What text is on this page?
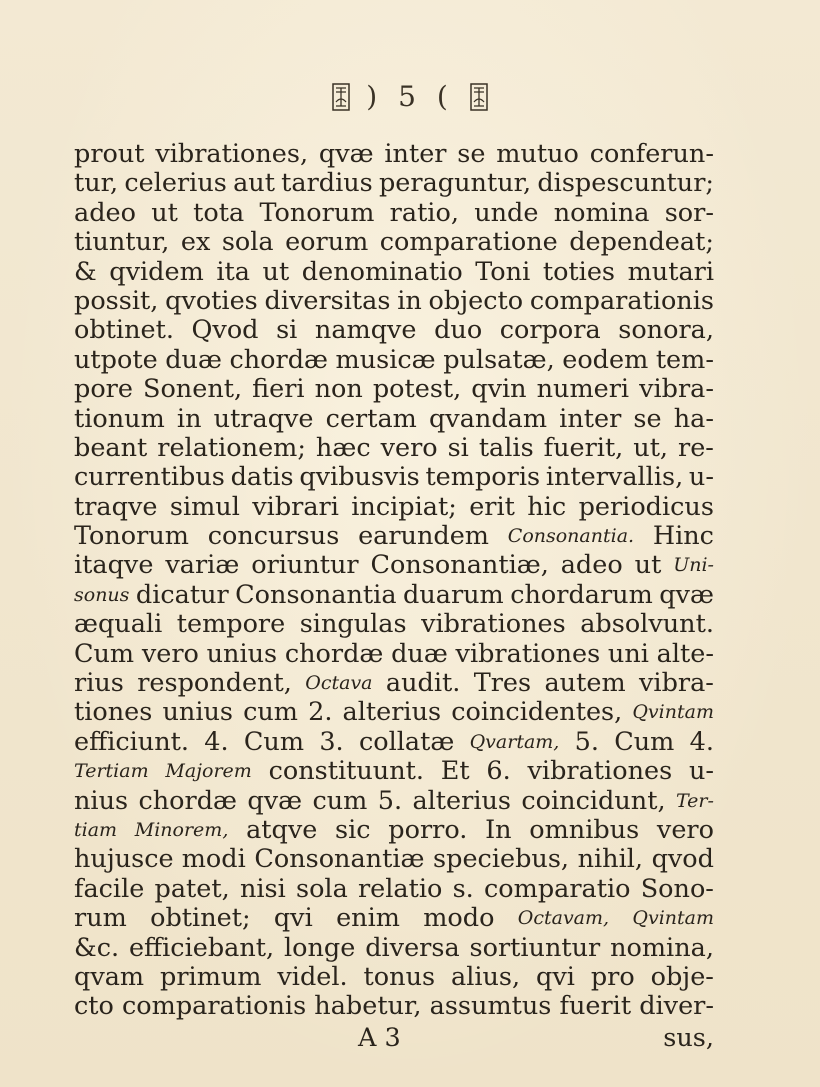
) 5 (
prout vibrationes, qvæ inter se mutuo conferun-
tur, celerius aut tardius peraguntur, dispescuntur;
adeo ut tota Tonorum ratio, unde nomina sor-
tiuntur, ex sola eorum comparatione dependeat;
& qvidem ita ut denominatio Toni toties mutari
possit, qvoties diversitas in objecto comparationis
obtinet. Qvod si namqve duo corpora sonora,
utpote duæ chordæ musicæ pulsatæ, eodem tem-
pore Sonent, fieri non potest, qvin numeri vibra-
tionum in utraqve certam qvandam inter se ha-
beant relationem; hæc vero si talis fuerit, ut, re-
currentibus datis qvibusvis temporis intervallis, u-
traqve simul vibrari incipiat; erit hic periodicus
Tonorum concursus earundem Consonantia. Hinc
itaqve variæ oriuntur Consonantiæ, adeo ut Uni-
sonus dicatur Consonantia duarum chordarum qvæ
æquali tempore singulas vibrationes absolvunt.
Cum vero unius chordæ duæ vibrationes uni alte-
rius respondent, Octava audit. Tres autem vibra-
tiones unius cum 2. alterius coincidentes, Qvintam
efficiunt. 4. Cum 3. collatæ Qvartam, 5. Cum 4.
Tertiam Majorem constituunt. Et 6. vibrationes u-
nius chordæ qvæ cum 5. alterius coincidunt, Ter-
tiam Minorem, atqve sic porro. In omnibus vero
hujusce modi Consonantiæ speciebus, nihil, qvod
facile patet, nisi sola relatio s. comparatio Sono-
rum obtinet; qvi enim modo Octavam, Qvintam
&c. efficiebant, longe diversa sortiuntur nomina,
qvam primum videl. tonus alius, qvi pro obje-
cto comparationis habetur, assumtus fuerit diver-
A 3	sus,
